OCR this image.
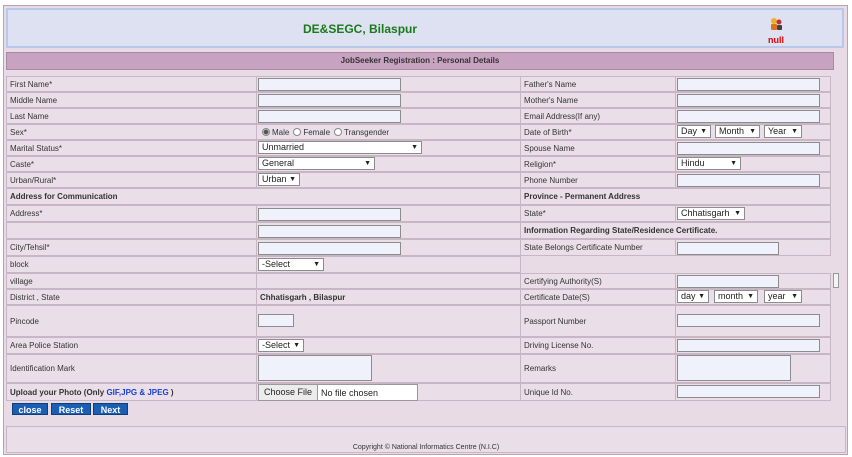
DE&SEGC, Bilaspur
null
JobSeeker Registration : Personal Details
First Name*	Father's Name
Middle Name	Mother's Name
Last Name	Email Address(If any)
Sex*	Male Female Transgender	Date of Birth*	Day ▼ Month ▼ Year ▼
Marital Status*	Unmarried	▼	Spouse Name
Caste*	General	▼	Religion*	Hindu	▼
Urban/Rural*	Urban ▼	Phone Number
Address for Communication	Province - Permanent Address
Address*	State*	Chhatisgarh ▼
Information Regarding State/Residence Certificate.
City/Tehsil*	State Belongs Certificate Number
block	-Select	▼
village	Certifying Authority(S)
District , State	Chhatisgarh , Bilaspur	Certificate Date(S)	day ▼ month ▼ year ▼
Pincode	Passport Number
Area Police Station	-Select ▼	Driving License No.
Identification Mark	Remarks
Upload your Photo (Only GIF,JPG & JPEG )	Choose File	No file chosen	Unique Id No.
close	Reset	Next
Copyright © National Informatics Centre (N.I.C)
